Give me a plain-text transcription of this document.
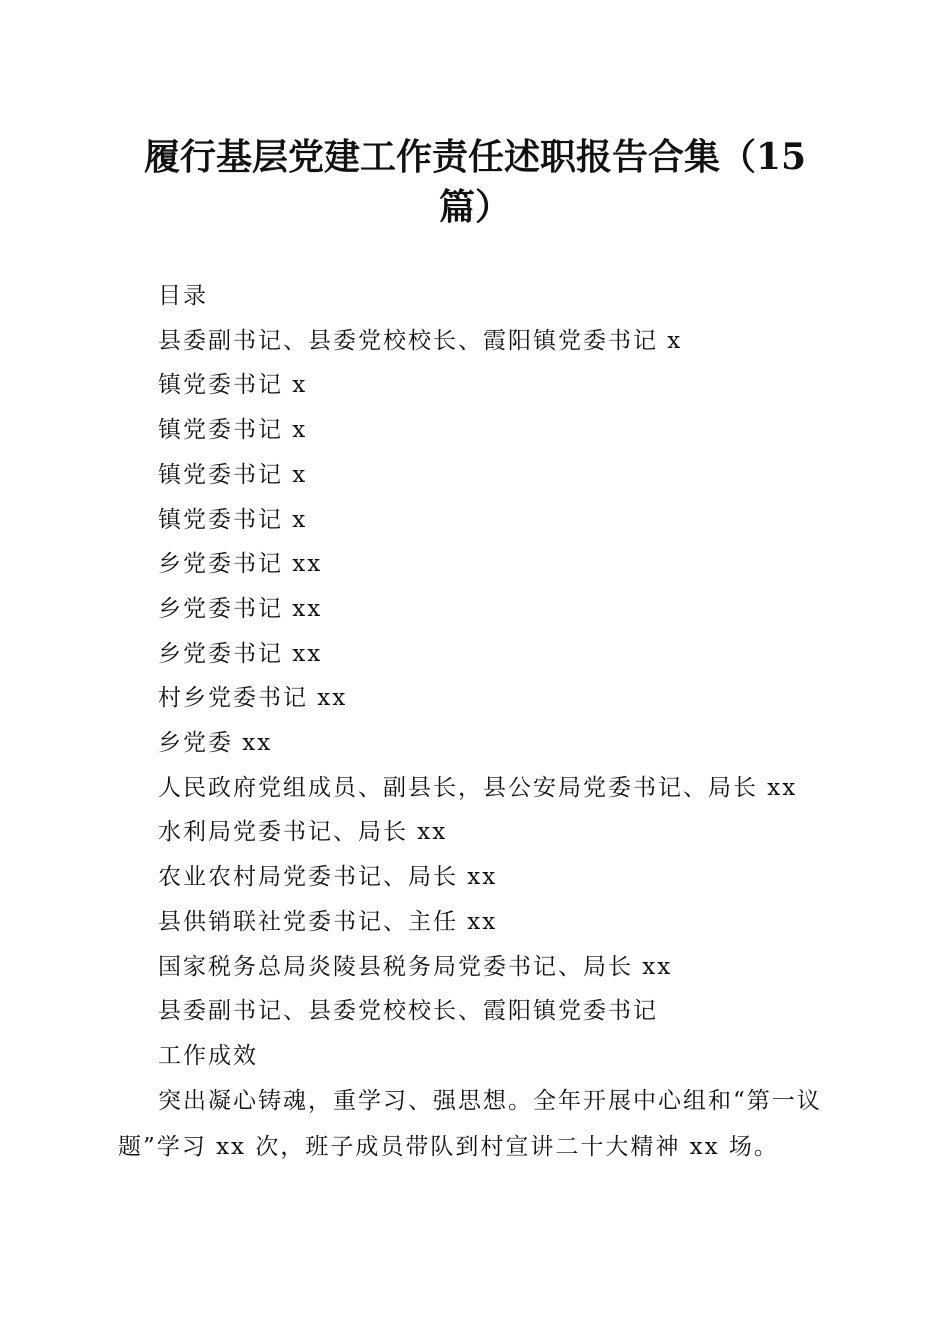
履行基层党建工作责任述职报告合集（15
篇）
目录
县委副书记、县委党校校长、霞阳镇党委书记 x
镇党委书记 x
镇党委书记 x
镇党委书记 x
镇党委书记 x
乡党委书记 xx
乡党委书记 xx
乡党委书记 xx
村乡党委书记 xx
乡党委 xx
人民政府党组成员、副县长，县公安局党委书记、局长 xx
水利局党委书记、局长 xx
农业农村局党委书记、局长 xx
县供销联社党委书记、主任 xx
国家税务总局炎陵县税务局党委书记、局长 xx
县委副书记、县委党校校长、霞阳镇党委书记
工作成效

突出凝心铸魂，重学习、强思想。全年开展中心组和“第一议题”学习 xx 次，班子成员带队到村宣讲二十大精神 xx 场。
